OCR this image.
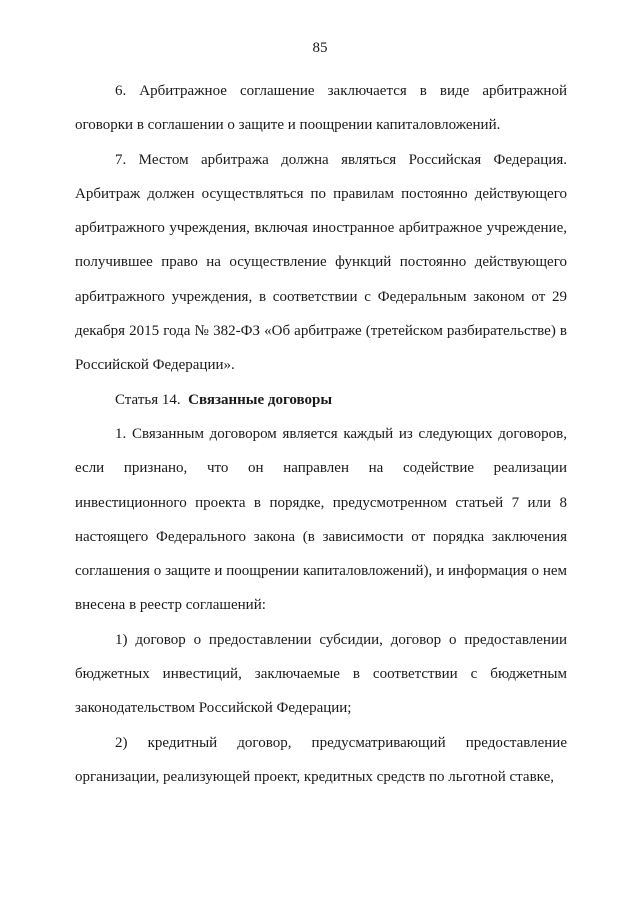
85

6. Арбитражное соглашение заключается в виде арбитражной оговорки в соглашении о защите и поощрении капиталовложений.

7. Местом арбитража должна являться Российская Федерация. Арбитраж должен осуществляться по правилам постоянно действующего арбитражного учреждения, включая иностранное арбитражное учреждение, получившее право на осуществление функций постоянно действующего арбитражного учреждения, в соответствии с Федеральным законом от 29 декабря 2015 года № 382-ФЗ «Об арбитраже (третейском разбирательстве) в Российской Федерации».

Статья 14. Связанные договоры

1. Связанным договором является каждый из следующих договоров, если признано, что он направлен на содействие реализации инвестиционного проекта в порядке, предусмотренном статьей 7 или 8 настоящего Федерального закона (в зависимости от порядка заключения соглашения о защите и поощрении капиталовложений), и информация о нем внесена в реестр соглашений:

1) договор о предоставлении субсидии, договор о предоставлении бюджетных инвестиций, заключаемые в соответствии с бюджетным законодательством Российской Федерации;

2) кредитный договор, предусматривающий предоставление организации, реализующей проект, кредитных средств по льготной ставке,
